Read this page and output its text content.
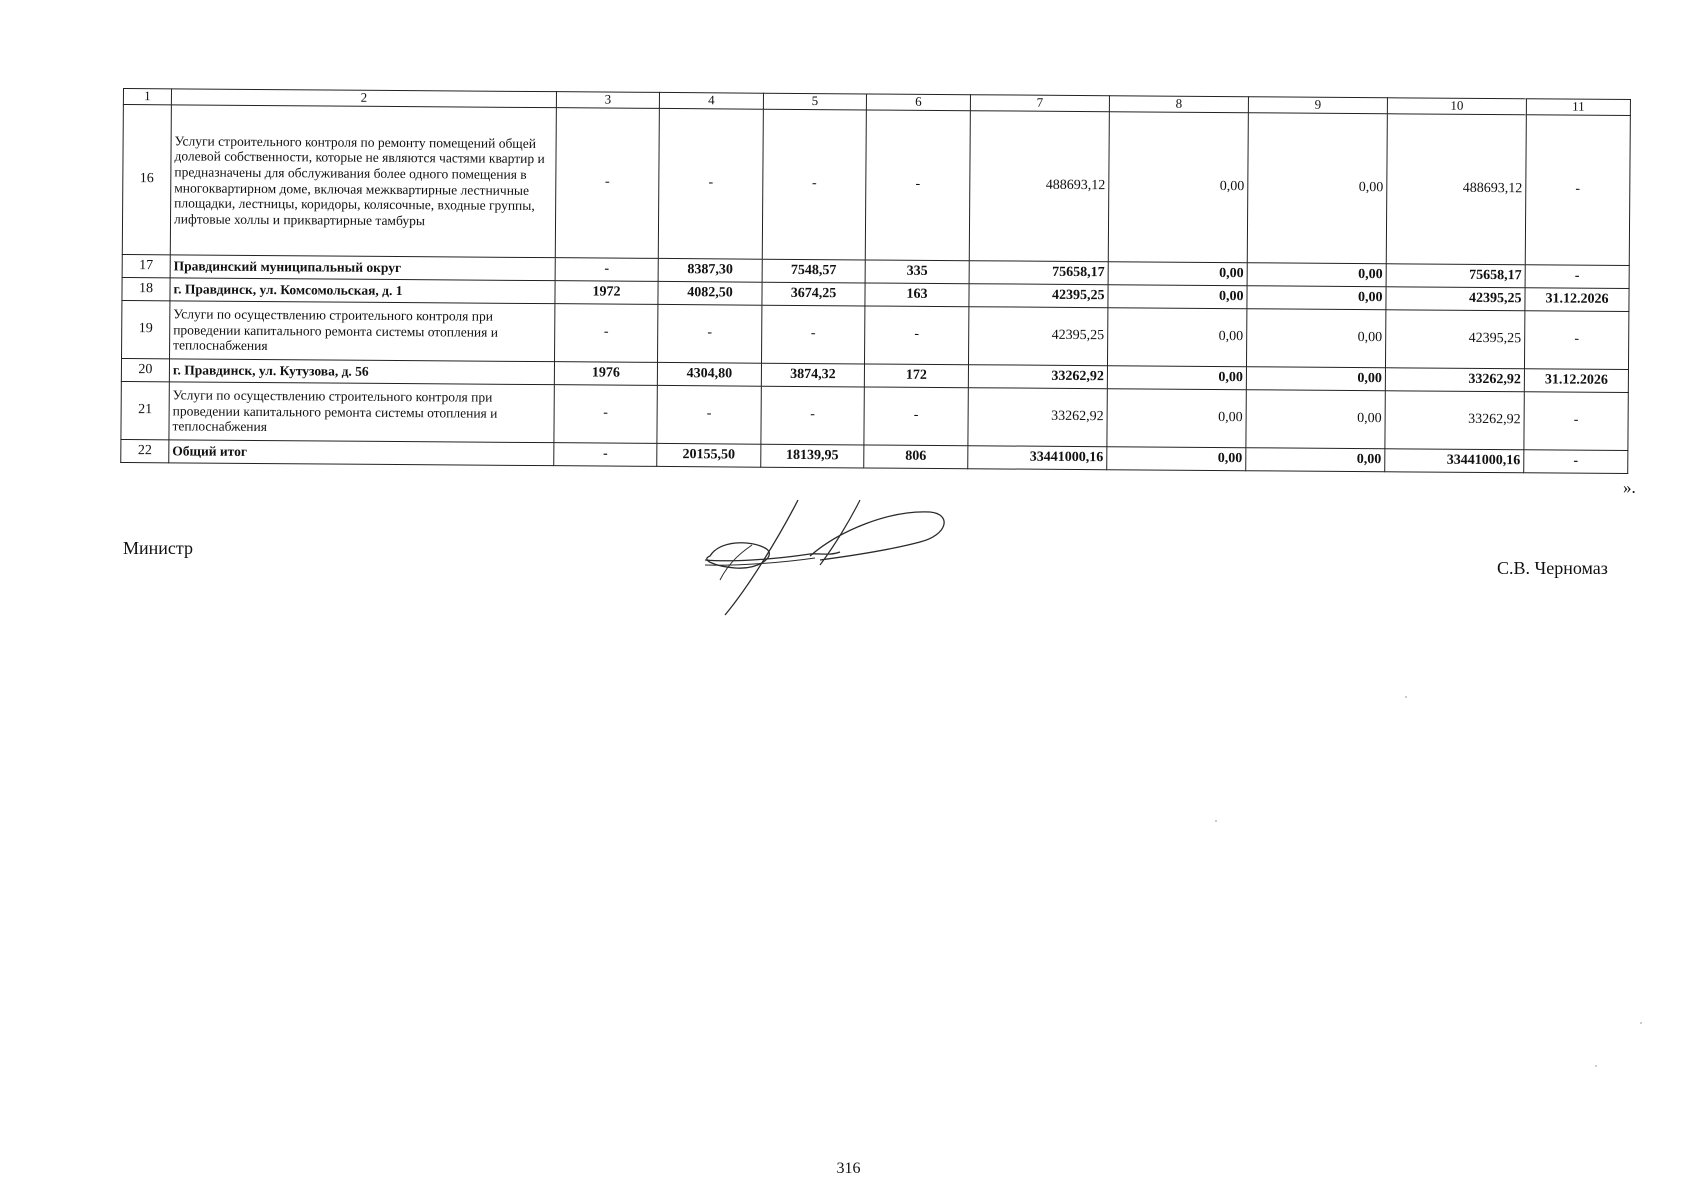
1	2	3	4	5	6	7	8	9	10	11
16	Услуги строительного контроля по ремонту помещений общей долевой собственности, которые не являются частями квартир и предназначены для обслуживания более одного помещения в многоквартирном доме, включая межквартирные лестничные площадки, лестницы, коридоры, колясочные, входные группы, лифтовые холлы и приквартирные тамбуры	-	-	-	-	488693,12	0,00	0,00	488693,12	-
17	Правдинский муниципальный округ	-	8387,30	7548,57	335	75658,17	0,00	0,00	75658,17	-
18	г. Правдинск, ул. Комсомольская, д. 1	1972	4082,50	3674,25	163	42395,25	0,00	0,00	42395,25	31.12.2026
19	Услуги по осуществлению строительного контроля при проведении капитального ремонта системы отопления и теплоснабжения	-	-	-	-	42395,25	0,00	0,00	42395,25	-
20	г. Правдинск, ул. Кутузова, д. 56	1976	4304,80	3874,32	172	33262,92	0,00	0,00	33262,92	31.12.2026
21	Услуги по осуществлению строительного контроля при проведении капитального ремонта системы отопления и теплоснабжения	-	-	-	-	33262,92	0,00	0,00	33262,92	-
22	Общий итог	-	20155,50	18139,95	806	33441000,16	0,00	0,00	33441000,16	-
».
Министр
С.В. Черномаз
316
